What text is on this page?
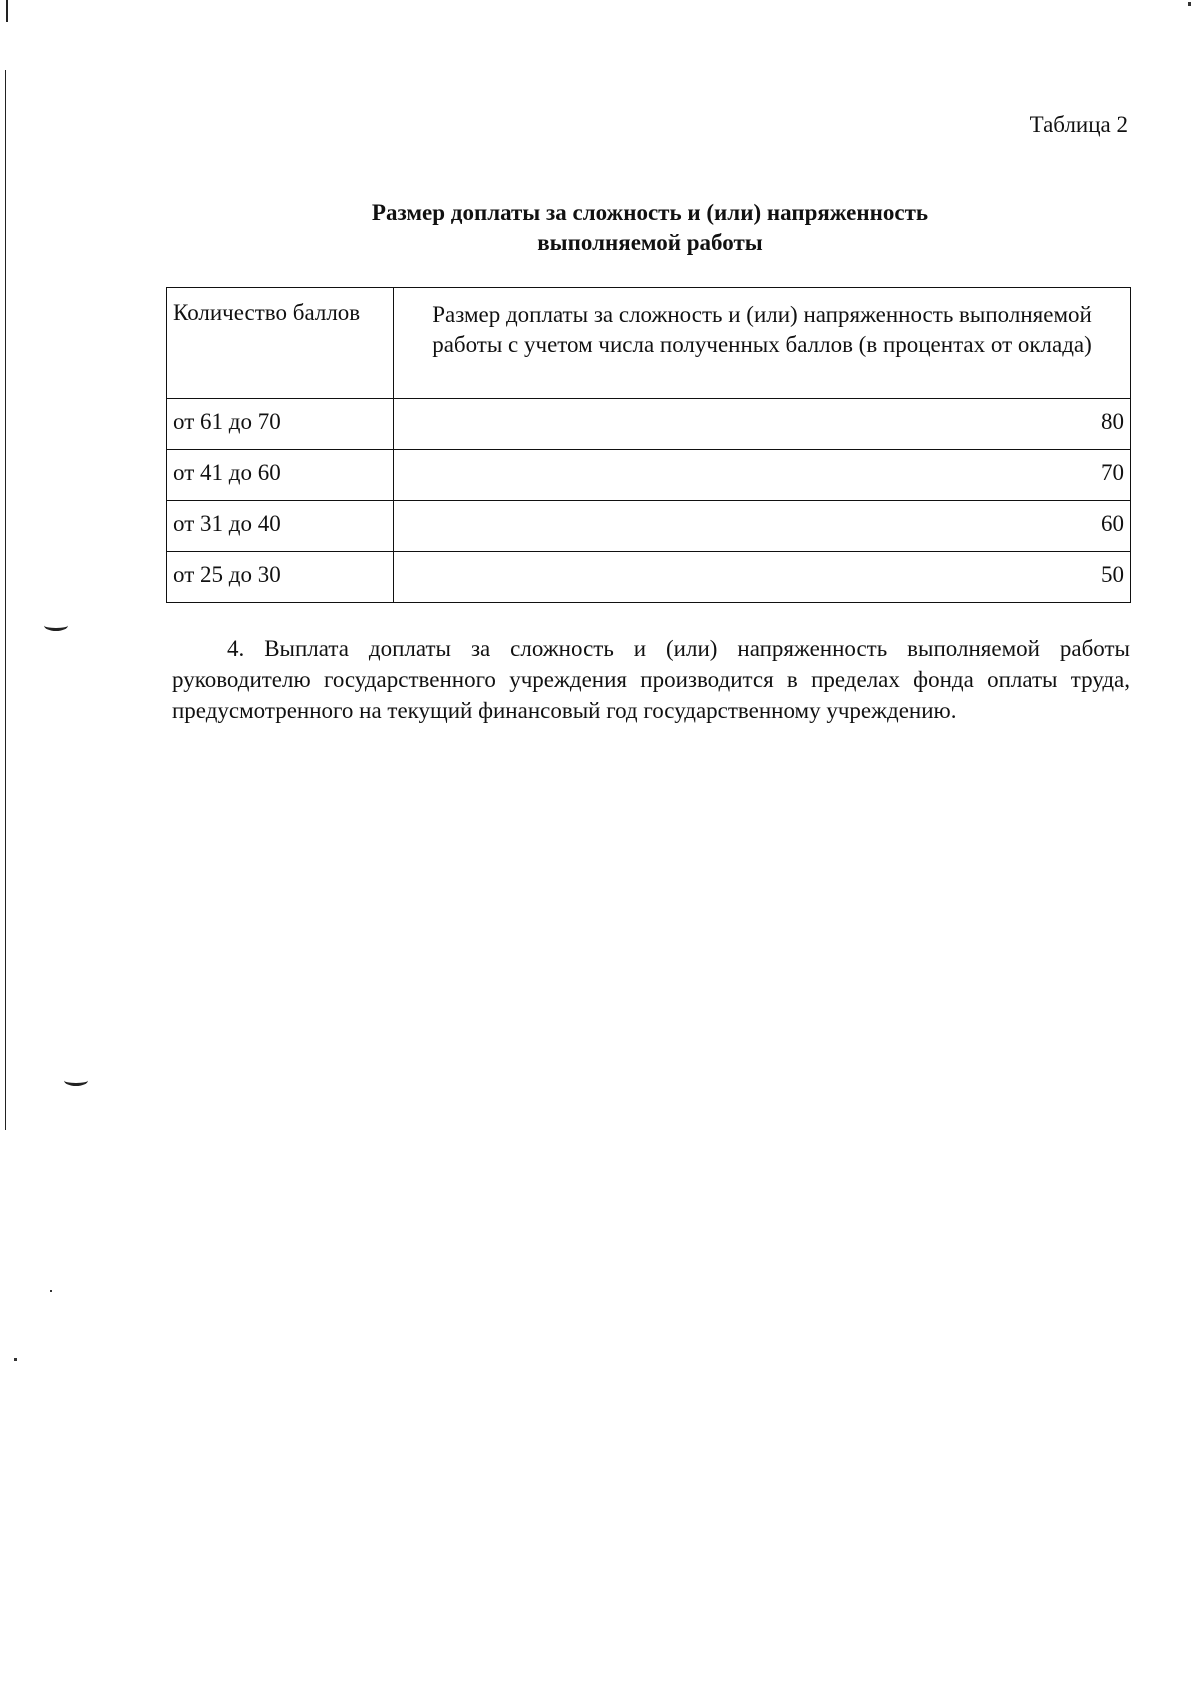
Таблица 2
Размер доплаты за сложность и (или) напряженность
выполняемой работы
Количество баллов	Размер доплаты за сложность и (или) напряженность выполняемой работы с учетом числа полученных баллов (в процентах от оклада)
от 61 до 70	80
от 41 до 60	70
от 31 до 40	60
от 25 до 30	50
4. Выплата доплаты за сложность и (или) напряженность выполняемой работы руководителю государственного учреждения производится в пределах фонда оплаты труда, предусмотренного на текущий финансовый год государственному учреждению.
